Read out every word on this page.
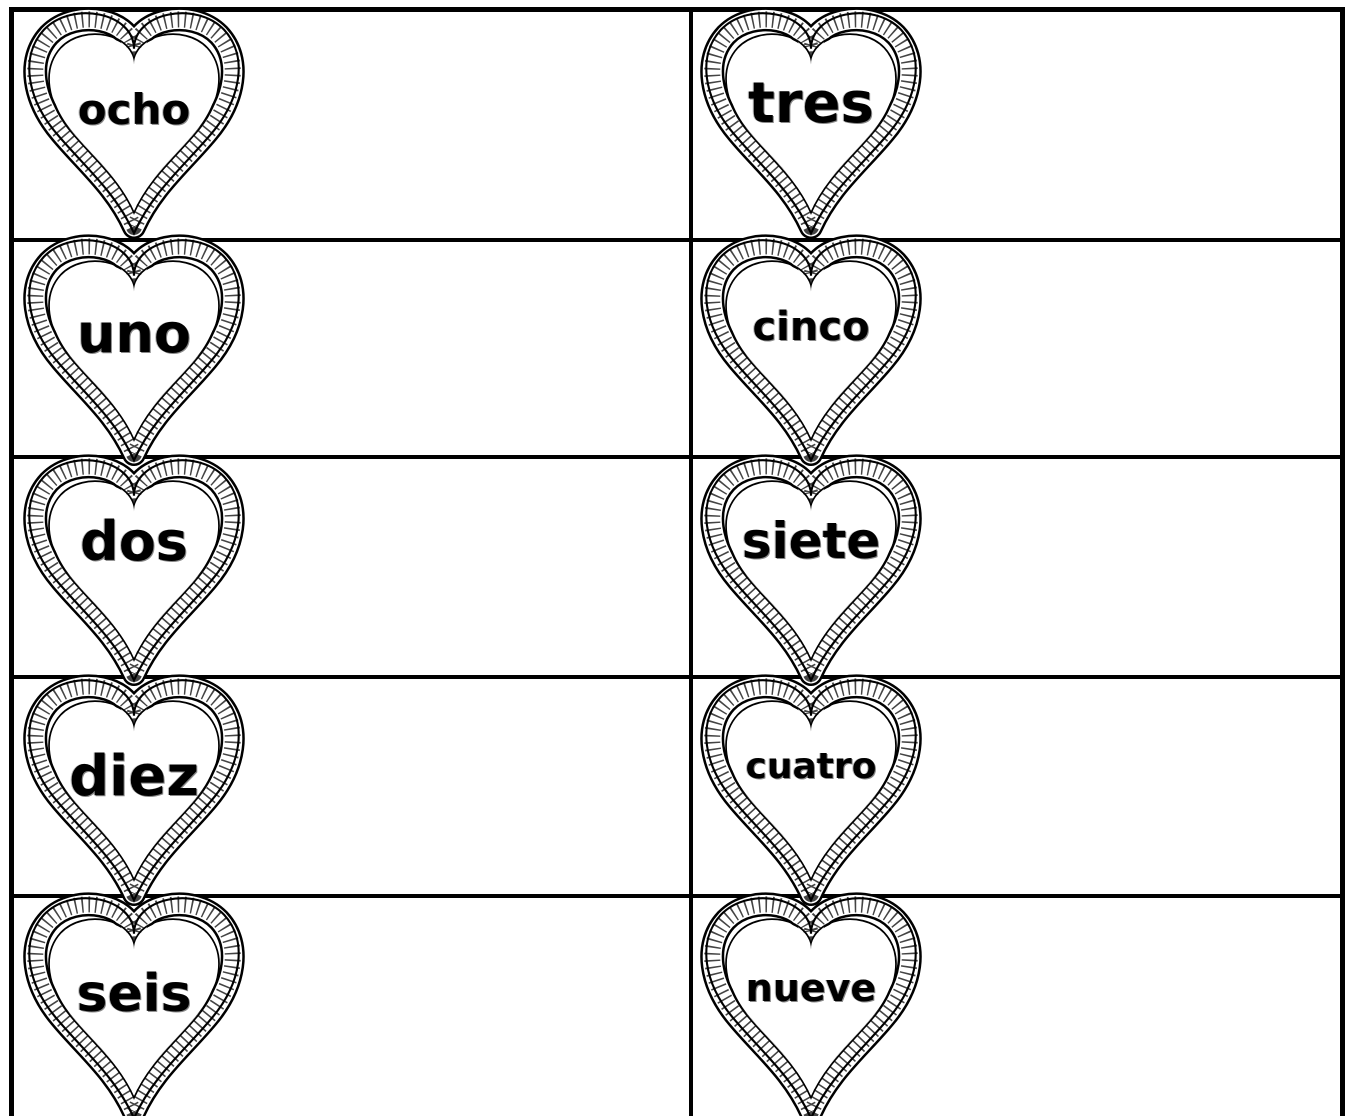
ocho	tres
uno	cinco
dos	siete
diez	cuatro
seis	nueve
